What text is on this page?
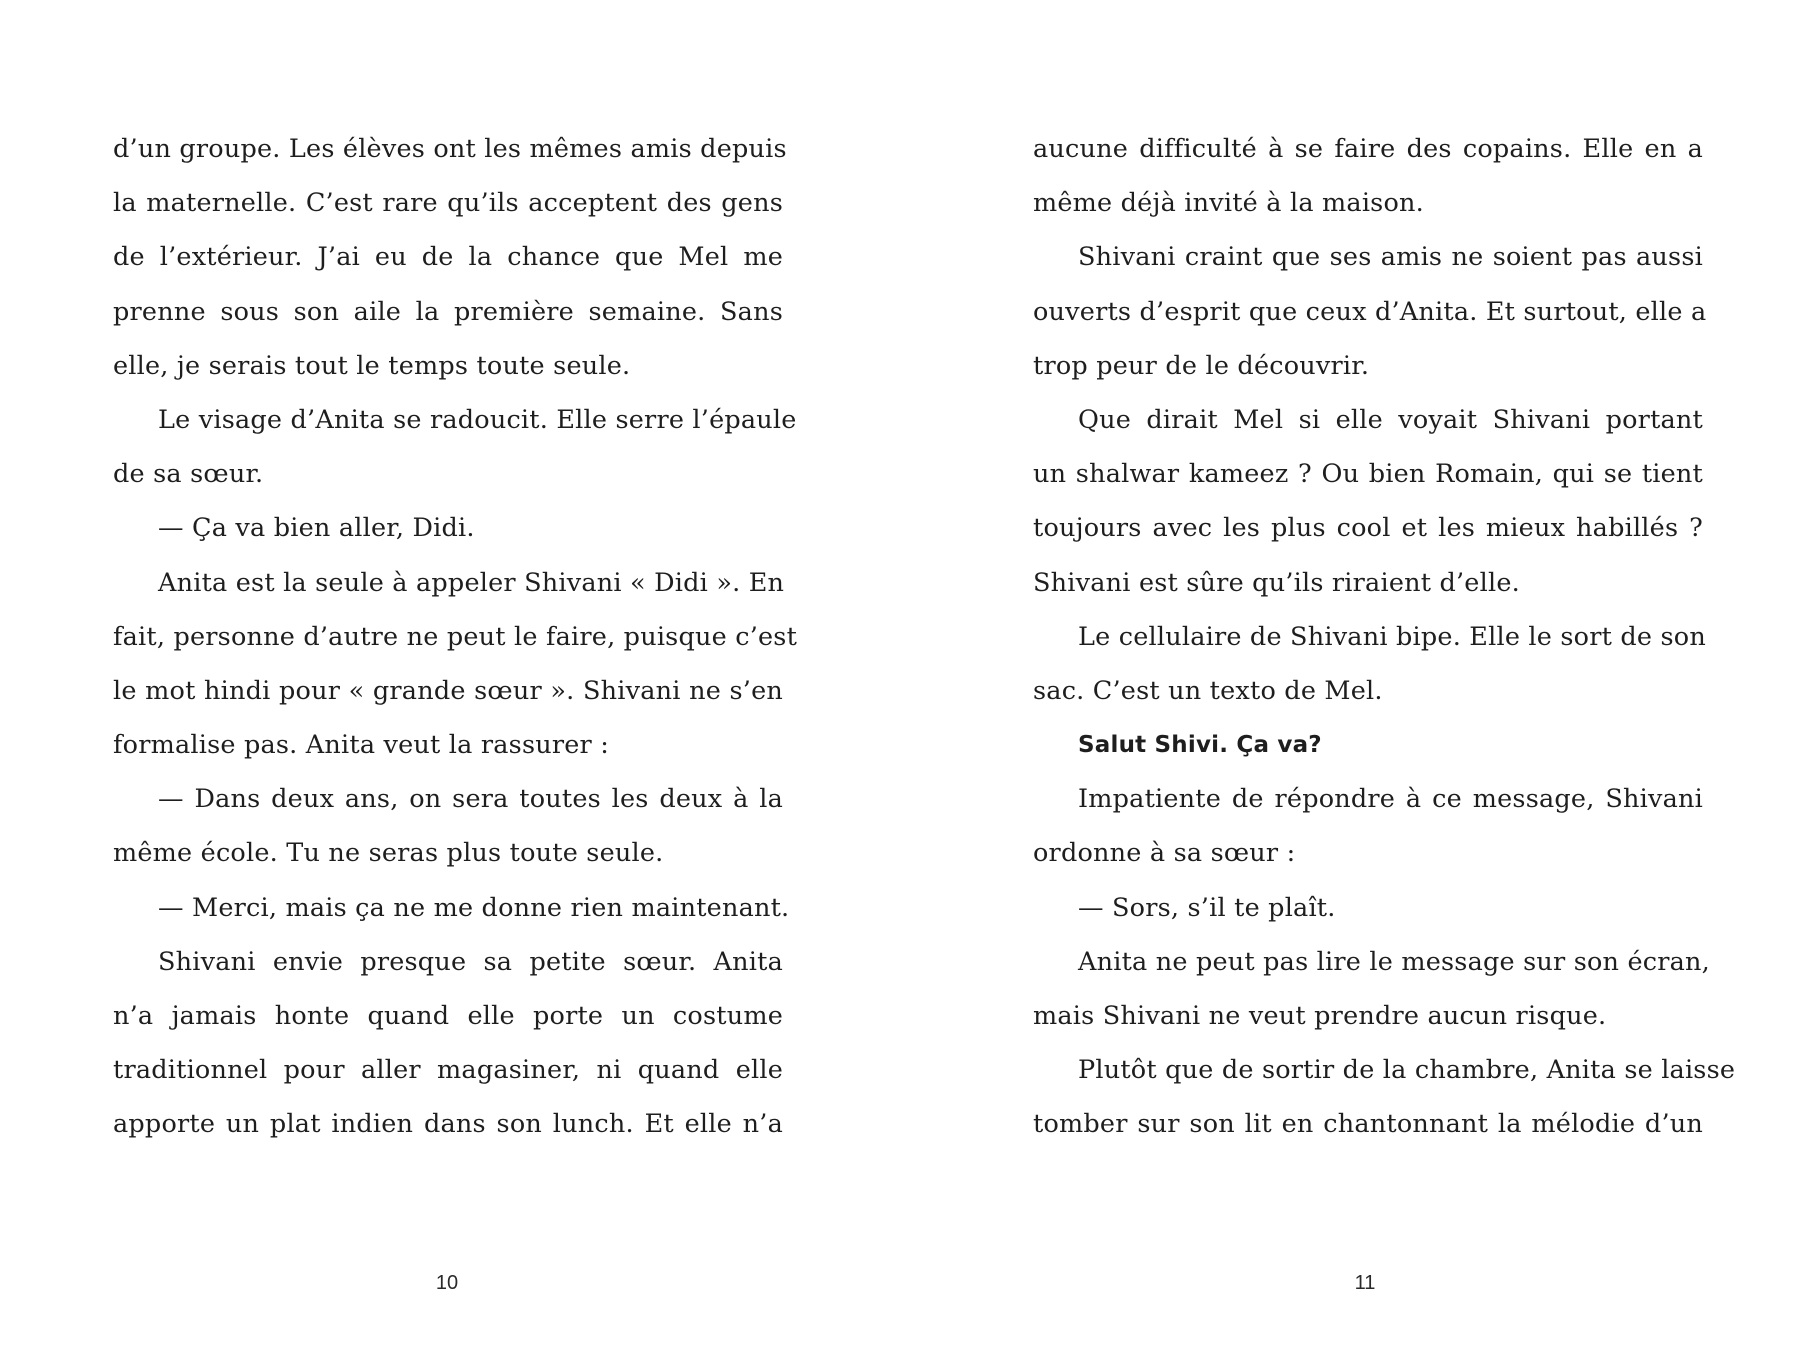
d’un groupe. Les élèves ont les mêmes amis depuis
la maternelle. C’est rare qu’ils acceptent des gens
de l’extérieur. J’ai eu de la chance que Mel me
prenne sous son aile la première semaine. Sans
elle, je serais tout le temps toute seule.
Le visage d’Anita se radoucit. Elle serre l’épaule
de sa sœur.
— Ça va bien aller, Didi.
Anita est la seule à appeler Shivani « Didi ». En
fait, personne d’autre ne peut le faire, puisque c’est
le mot hindi pour « grande sœur ». Shivani ne s’en
formalise pas. Anita veut la rassurer :
— Dans deux ans, on sera toutes les deux à la
même école. Tu ne seras plus toute seule.
— Merci, mais ça ne me donne rien maintenant.
Shivani envie presque sa petite sœur. Anita
n’a jamais honte quand elle porte un costume
traditionnel pour aller magasiner, ni quand elle
apporte un plat indien dans son lunch. Et elle n’a
aucune difficulté à se faire des copains. Elle en a
même déjà invité à la maison.
Shivani craint que ses amis ne soient pas aussi
ouverts d’esprit que ceux d’Anita. Et surtout, elle a
trop peur de le découvrir.
Que dirait Mel si elle voyait Shivani portant
un shalwar kameez ? Ou bien Romain, qui se tient
toujours avec les plus cool et les mieux habillés ?
Shivani est sûre qu’ils riraient d’elle.
Le cellulaire de Shivani bipe. Elle le sort de son
sac. C’est un texto de Mel.
Salut Shivi. Ça va?
Impatiente de répondre à ce message, Shivani
ordonne à sa sœur :
— Sors, s’il te plaît.
Anita ne peut pas lire le message sur son écran,
mais Shivani ne veut prendre aucun risque.
Plutôt que de sortir de la chambre, Anita se laisse
tomber sur son lit en chantonnant la mélodie d’un
10	11
